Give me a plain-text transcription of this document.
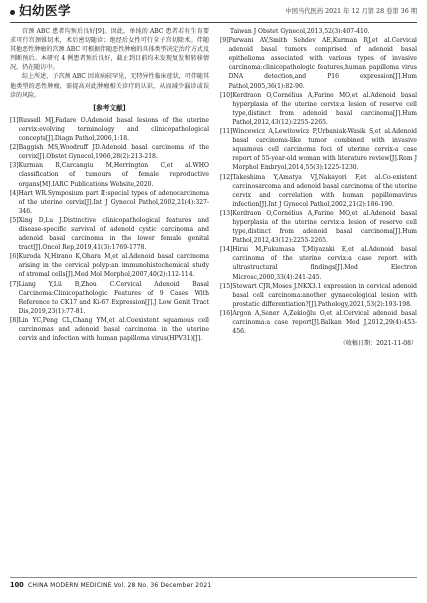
妇幼医学	中国当代医药 2021 年 12 月第 28 卷第 36 期

宫颈 ABC 患者均预后良好[9]。因此，单纯的 ABC 患者若有生育要求可行宫颈锥切术，术后密切随诊；绝经后女性可行全子宫切除术。伴随其他恶性肿瘤的宫颈 ABC 可根据伴随恶性肿瘤的具体类型决定治疗方式及判断预后。本研究 4 例患者预后良好，截止到目前均未发现复发和转移情况，仍在随访中。

综上所述，子宫颈 ABC 因该病较罕见，无特异性临床症状，可伴随其他类型的恶性肿瘤，需提高对此肿瘤相关诊疗的认识，从而减少漏诊或误诊的风险。

[参考文献]
[1] Russell MJ,Fadare O.Adenoid basal lesions of the uterine cervix:evolving terminology and clinicopathological concepts[J].Diagn Pathol,2006,1:18.
[2] Baggish MS,Woodruff JD.Adenoid basal carcinoma of the cervix[J].Obstet Gynecol,1966,28(2):213-218.
[3] Kurman R,Carcangiu M,Herrington C,et al.WHO classification of tumours of female reproductive organs[M].IARC Publications Website,2020.
[4] Hart WR.Symposium part Ⅱ:special types of adenocarcinoma of the uterine cervix[J].Int J Gynecol Pathol,2002,21(4):327-346.
[5] Xing D,Lu J.Distinctive clinicopathological features and disease-specific survival of adenoid cystic carcinoma and adenoid basal carcinoma in the lower female genital tract[J].Oncol Rep,2019,41(3):1769-1778.
[6] Kuroda N,Hirano K,Ohara M,et al.Adenoid basal carcinoma arising in the cervical polyp:an immunohistochemical study of stromal cells[J].Med Mol Morphol,2007,40(2):112-114.
[7] Liang Y,Lü B,Zhou C.Cervical Adenoid Basal Carcinoma:Clinicopathologic Features of 9 Cases With Reference to CK17 and Ki-67 Expression[J].J Low Genit Tract Dis,2019,23(1):77-81.
[8] Lin YC,Peng CL,Chang YM,et al.Coexistent squamous cell carcinomas and adenoid basal carcinoma in the uterine cervix and infection with human papilloma virus(HPV31)[J].
Taiwan J Obstet Gynecol,2013,52(3):407-410.
[9] Parwani AV,Smith Sehdev AE,Kurman RJ,et al.Cervical adenoid basal tumors comprised of adenoid basal epithelioma associated with various types of invasive carcinoma:clinicopathologic features,human papilloma virus DNA detection,and P16 expression[J].Hum Pathol,2005,36(1):82-90.
[10] Kerdraon O,Cornélius A,Farine MO,et al.Adenoid basal hyperplasia of the uterine cervix:a lesion of reserve cell type,distinct from adenoid basal carcinoma[J].Hum Pathol,2012,43(12):2255-2265.
[11] Wincewicz A,Lewitowicz P,Urbaniak-Wasik S,et al.Adenoid basal carcinoma-like tumor combined with invasive squamous cell carcinoma foci of uterine cervix-a case report of 55-year-old woman with literature review[J].Rom J Morphol Embryol,2014,55(3):1225-1230.
[12] Takeshima Y,Amatya VJ,Nakayori F,et al.Co-existent carcinosarcoma and adenoid basal carcinoma of the uterine cervix and correlation with human papillomavirus infection[J].Int J Gynecol Pathol,2002,21(2):186-190.
[13] Kerdraon O,Cornélius A,Farine MO,et al.Adenoid basal hyperplasia of the uterine cervix:a lesion of reserve cell type,distinct from adenoid basal carcinoma[J].Hum Pathol,2012,43(12):2255-2265.
[14] Hirai M,Fukumasa T,Miyazaki E,et al.Adenoid basal carcinoma of the uterine cervix:a case report with ultrastructural findings[J].Med Electron Microsc,2000,33(4):241-245.
[15] Stewart CJR,Moses J.NKX3.1 expression in cervical adenoid basal cell carcinoma:another gynaecological lesion with prostatic differentiation?[J].Pathology,2021,53(2):193-198.
[16] Argon A,Sener A,Zekioğlu O,et al.Cervical adenoid basal carcinoma:a case report[J].Balkan Med J,2012,29(4):453-456.
（收稿日期：2021-11-08）
100 CHINA MODERN MEDICINE Vol. 28 No. 36 December 2021
